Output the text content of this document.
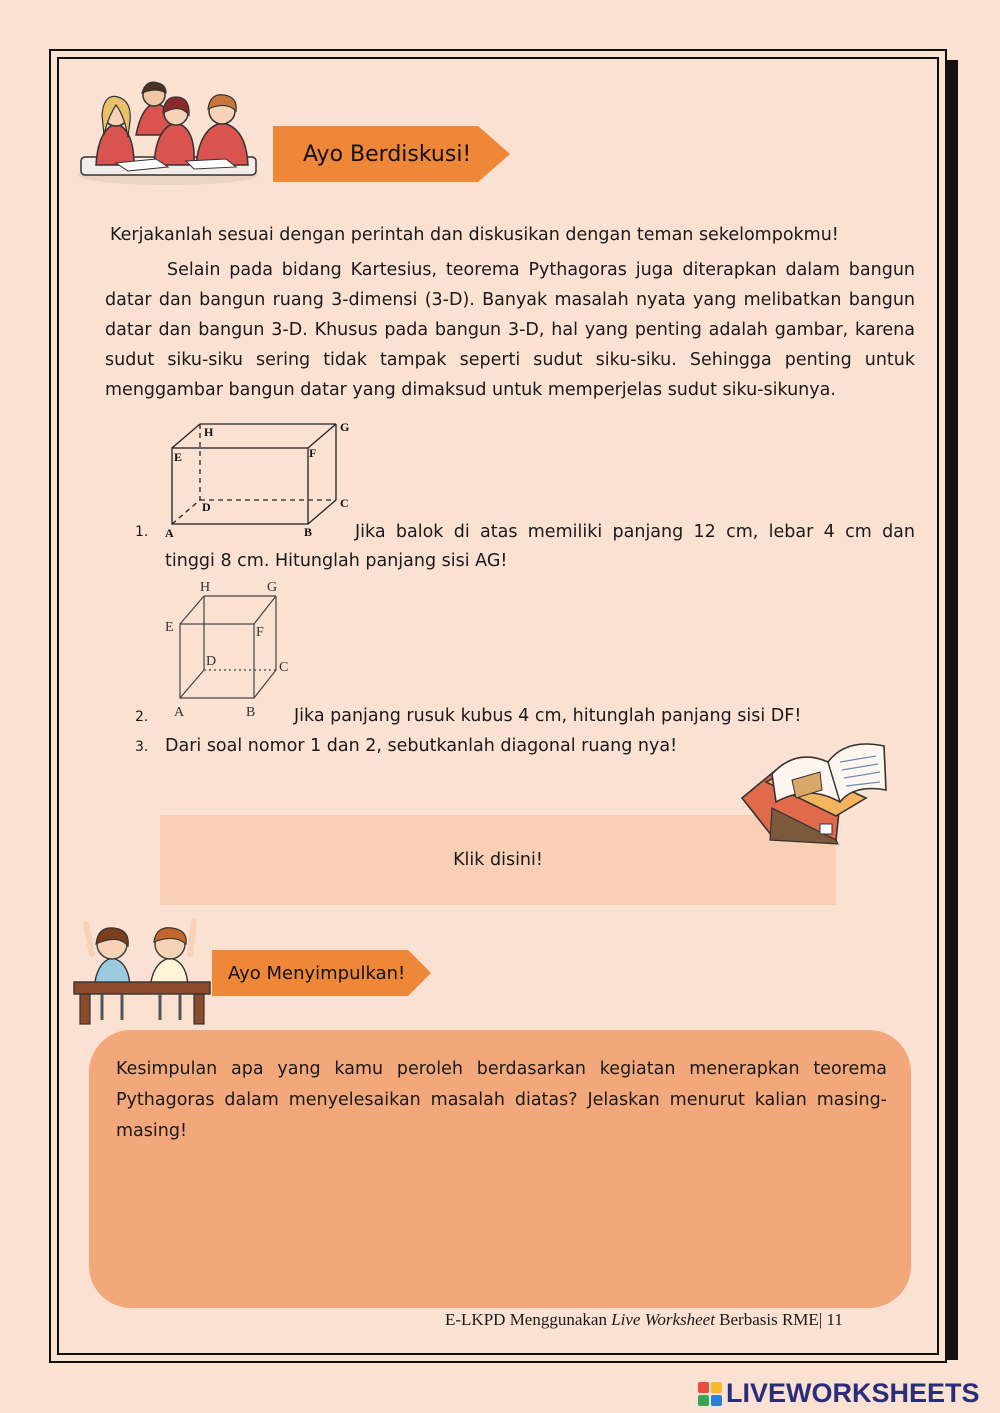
Ayo Berdiskusi!
Kerjakanlah sesuai dengan perintah dan diskusikan dengan teman sekelompokmu!

Selain pada bidang Kartesius, teorema Pythagoras juga diterapkan dalam bangun datar dan bangun ruang 3-dimensi (3-D). Banyak masalah nyata yang melibatkan bangun datar dan bangun 3-D. Khusus pada bangun 3-D, hal yang penting adalah gambar, karena sudut siku-siku sering tidak tampak seperti sudut siku-siku. Sehingga penting untuk menggambar bangun datar yang dimaksud untuk memperjelas sudut siku-sikunya.

A	B
C
D
E	F
G
H
1.	Jika balok di atas memiliki panjang 12 cm, lebar 4 cm dan
tinggi 8 cm. Hitunglah panjang sisi AG!
A	B
C
D
E	F
G
H
2.	Jika panjang rusuk kubus 4 cm, hitunglah panjang sisi DF!
3. Dari soal nomor 1 dan 2, sebutkanlah diagonal ruang nya!
Klik disini!
Ayo Menyimpulkan!
Kesimpulan apa yang kamu peroleh berdasarkan kegiatan menerapkan teorema Pythagoras dalam menyelesaikan masalah diatas? Jelaskan menurut kalian masing-masing!
E-LKPD Menggunakan Live Worksheet Berbasis RME| 11
LIVEWORKSHEETS
